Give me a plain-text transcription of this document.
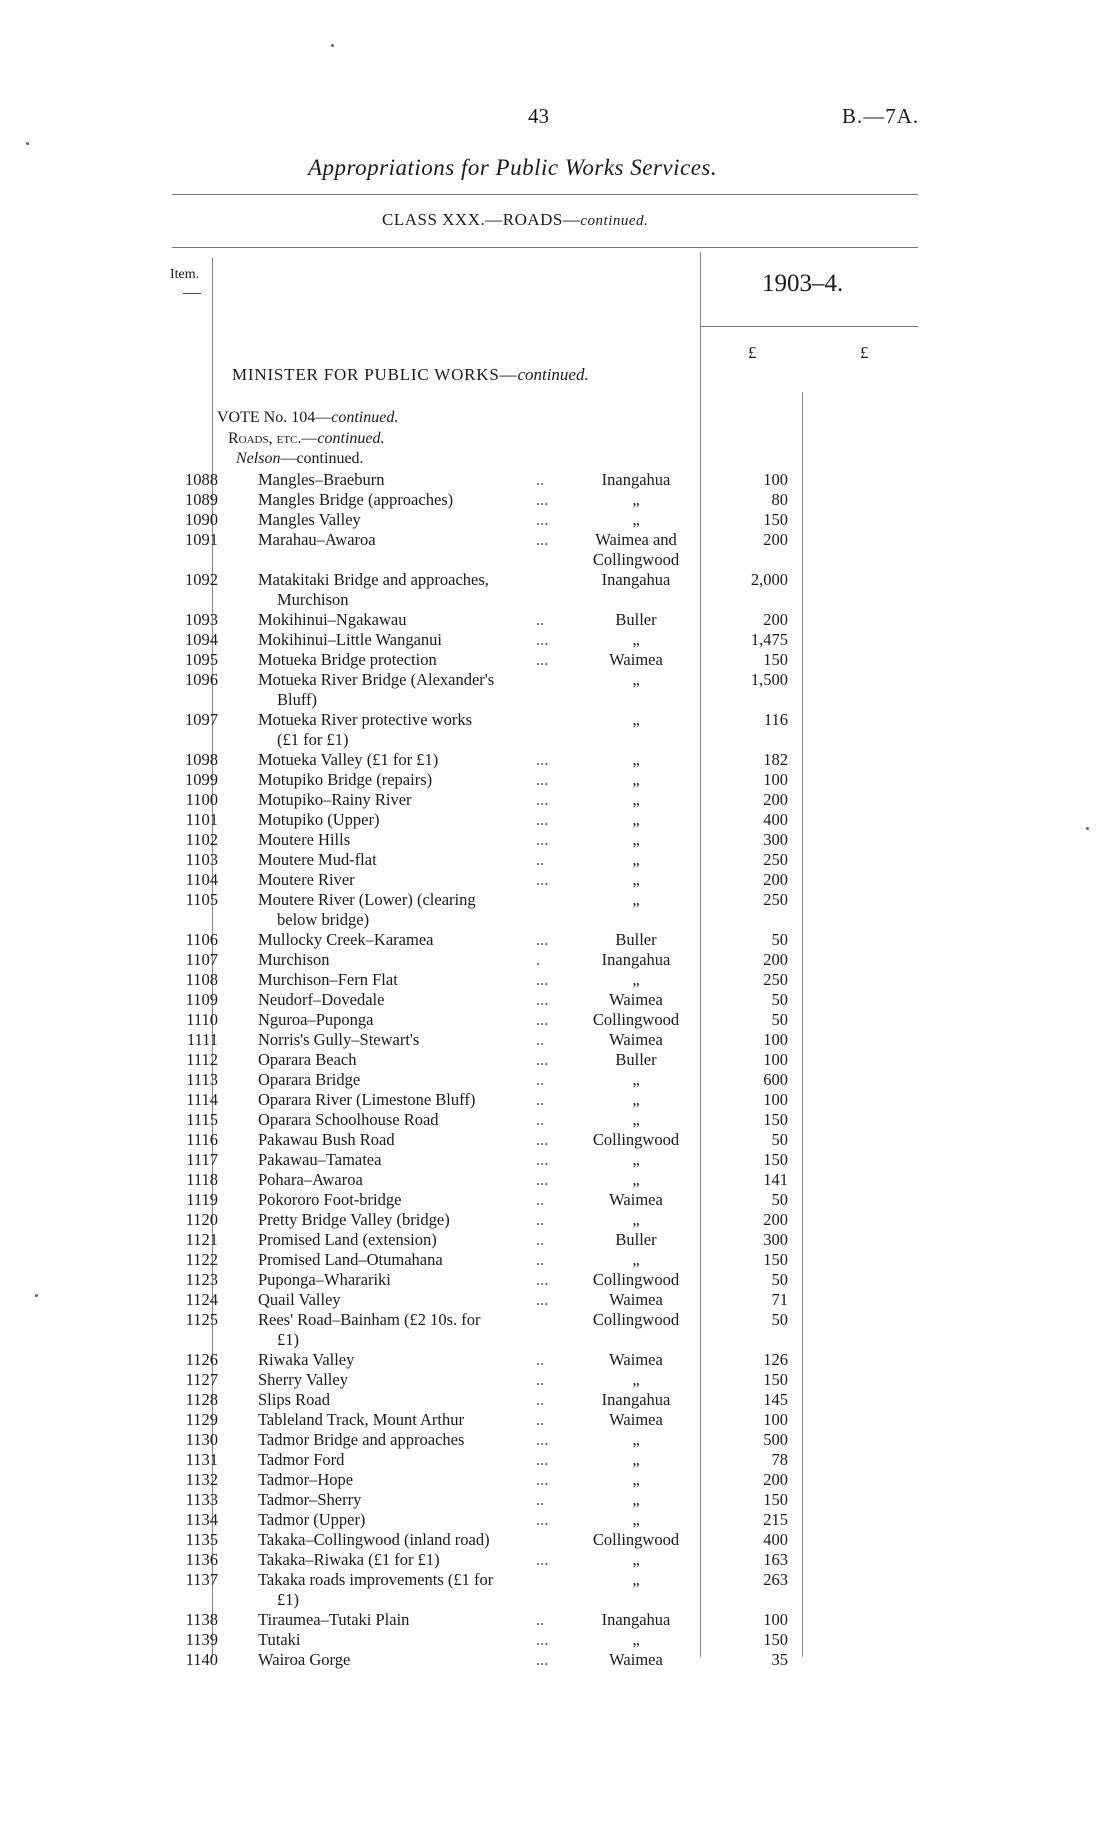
43	B.—7A.
Appropriations for Public Works Services.
CLASS XXX.—ROADS—continued.
Item.	1903–4.
£	£
MINISTER FOR PUBLIC WORKS—continued.
VOTE No. 104—continued.
Roads, etc.—continued.
Nelson—continued.
1088 Mangles–Braeburn	..	Inangahua	100
1089 Mangles Bridge (approaches)	...	„	80
1090 Mangles Valley	...	„	150
1091 Marahau–Awaroa	...	Waimea and	200
Collingwood
1092 Matakitaki Bridge and approaches,	Inangahua	2,000
Murchison
1093 Mokihinui–Ngakawau	..	Buller	200
1094 Mokihinui–Little Wanganui	...	„	1,475
1095 Motueka Bridge protection	...	Waimea	150
1096 Motueka River Bridge (Alexander's	„	1,500
Bluff)
1097 Motueka River protective works	„	116
(£1 for £1)
1098 Motueka Valley (£1 for £1)	...	„	182
1099 Motupiko Bridge (repairs)	...	„	100
1100 Motupiko–Rainy River	...	„	200
1101 Motupiko (Upper)	...	„	400
1102 Moutere Hills	...	„	300
1103 Moutere Mud-flat	..	„	250
1104 Moutere River	...	„	200
1105 Moutere River (Lower) (clearing	„	250
below bridge)
1106 Mullocky Creek–Karamea	...	Buller	50
1107 Murchison	.	Inangahua	200
1108 Murchison–Fern Flat	...	„	250
1109 Neudorf–Dovedale	...	Waimea	50
1110 Nguroa–Puponga	...	Collingwood	50
1111 Norris's Gully–Stewart's	..	Waimea	100
1112 Oparara Beach	...	Buller	100
1113 Oparara Bridge	..	„	600
1114 Oparara River (Limestone Bluff)	..	„	100
1115 Oparara Schoolhouse Road	..	„	150
1116 Pakawau Bush Road	...	Collingwood	50
1117 Pakawau–Tamatea	...	„	150
1118 Pohara–Awaroa	...	„	141
1119 Pokororo Foot-bridge	..	Waimea	50
1120 Pretty Bridge Valley (bridge)	..	„	200
1121 Promised Land (extension)	..	Buller	300
1122 Promised Land–Otumahana	..	„	150
1123 Puponga–Wharariki	...	Collingwood	50
1124 Quail Valley	...	Waimea	71
1125 Rees' Road–Bainham (£2 10s. for	Collingwood	50
£1)
1126 Riwaka Valley	..	Waimea	126
1127 Sherry Valley	..	„	150
1128 Slips Road	..	Inangahua	145
1129 Tableland Track, Mount Arthur	..	Waimea	100
1130 Tadmor Bridge and approaches	...	„	500
1131 Tadmor Ford	...	„	78
1132 Tadmor–Hope	...	„	200
1133 Tadmor–Sherry	..	„	150
1134 Tadmor (Upper)	...	„	215
1135 Takaka–Collingwood (inland road)	Collingwood	400
1136 Takaka–Riwaka (£1 for £1)	...	„	163
1137 Takaka roads improvements (£1 for	„	263
£1)
1138 Tiraumea–Tutaki Plain	..	Inangahua	100
1139 Tutaki	...	„	150
1140 Wairoa Gorge	...	Waimea	35
